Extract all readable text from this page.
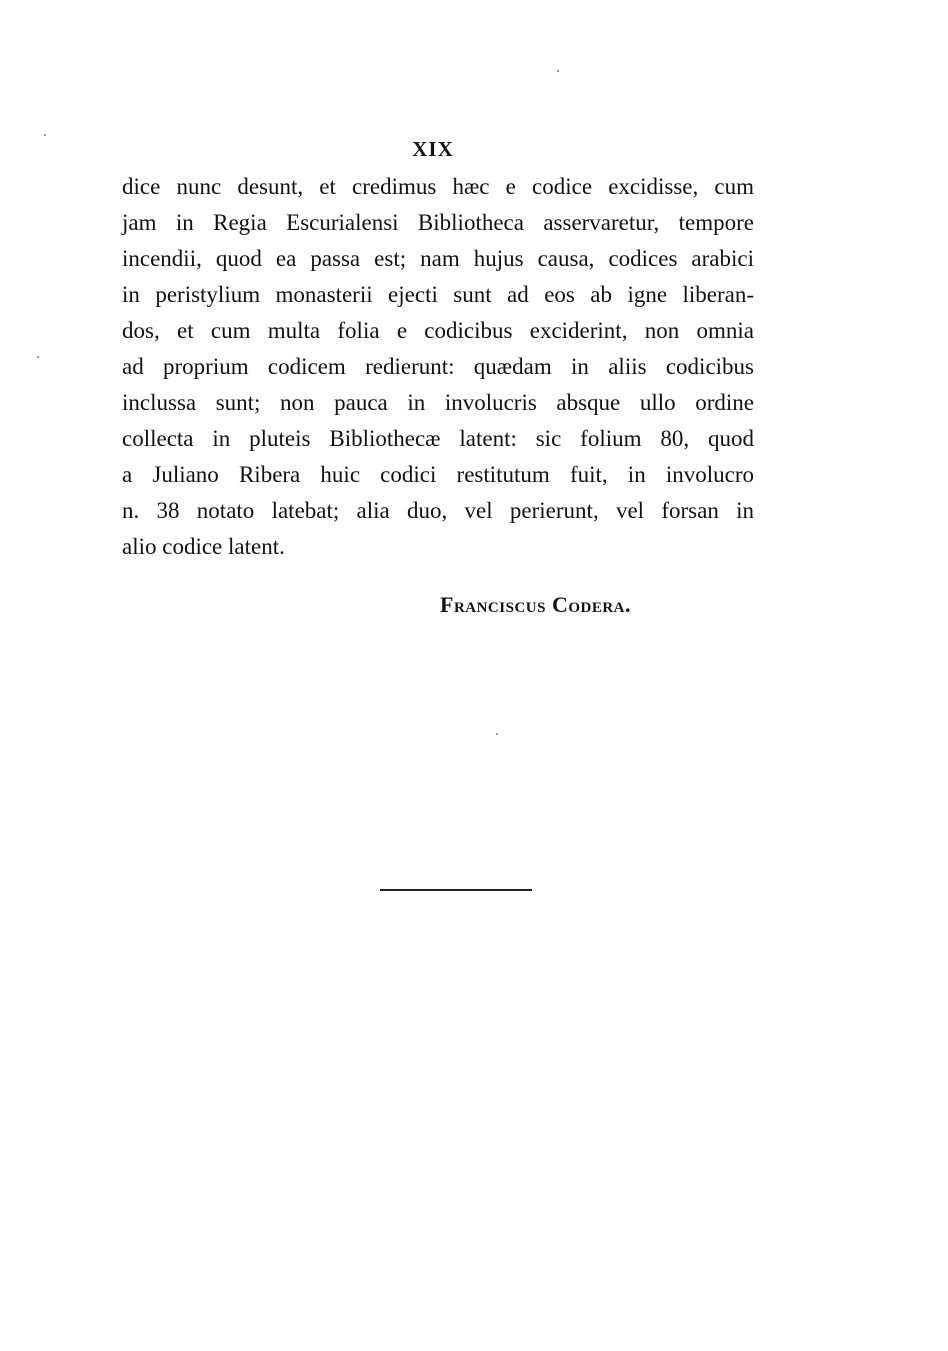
XIX
dice nunc desunt, et credimus hæc e codice excidisse, cum
jam in Regia Escurialensi Bibliotheca asservaretur, tempore
incendii, quod ea passa est; nam hujus causa, codices arabici
in peristylium monasterii ejecti sunt ad eos ab igne liberan-
dos, et cum multa folia e codicibus exciderint, non omnia
ad proprium codicem redierunt: quædam in aliis codicibus
inclussa sunt; non pauca in involucris absque ullo ordine
collecta in pluteis Bibliothecæ latent: sic folium 80, quod
a Juliano Ribera huic codici restitutum fuit, in involucro
n. 38 notato latebat; alia duo, vel perierunt, vel forsan in
alio codice latent.
Franciscus Codera.
